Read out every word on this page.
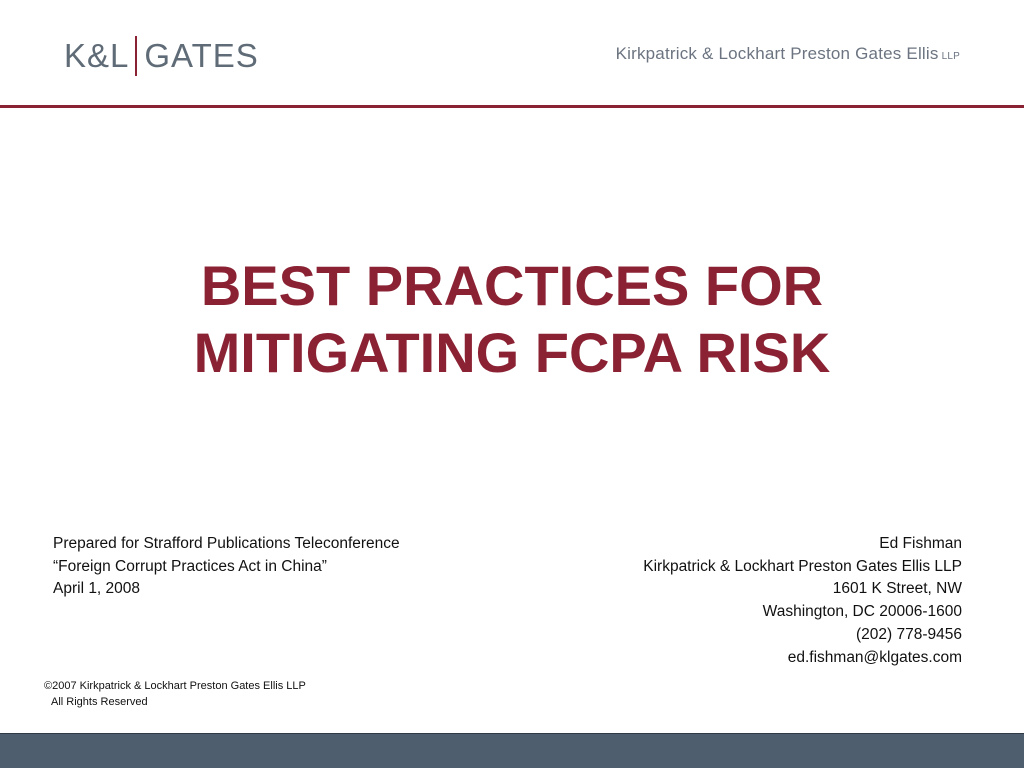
K&L GATES	Kirkpatrick & Lockhart Preston Gates Ellis LLP
BEST PRACTICES FOR
MITIGATING FCPA RISK
Prepared for Strafford Publications Teleconference
“Foreign Corrupt Practices Act in China”
April 1, 2008
Ed Fishman
Kirkpatrick & Lockhart Preston Gates Ellis LLP
1601 K Street, NW
Washington, DC 20006-1600
(202) 778-9456
ed.fishman@klgates.com
©2007 Kirkpatrick & Lockhart Preston Gates Ellis LLP
All Rights Reserved
